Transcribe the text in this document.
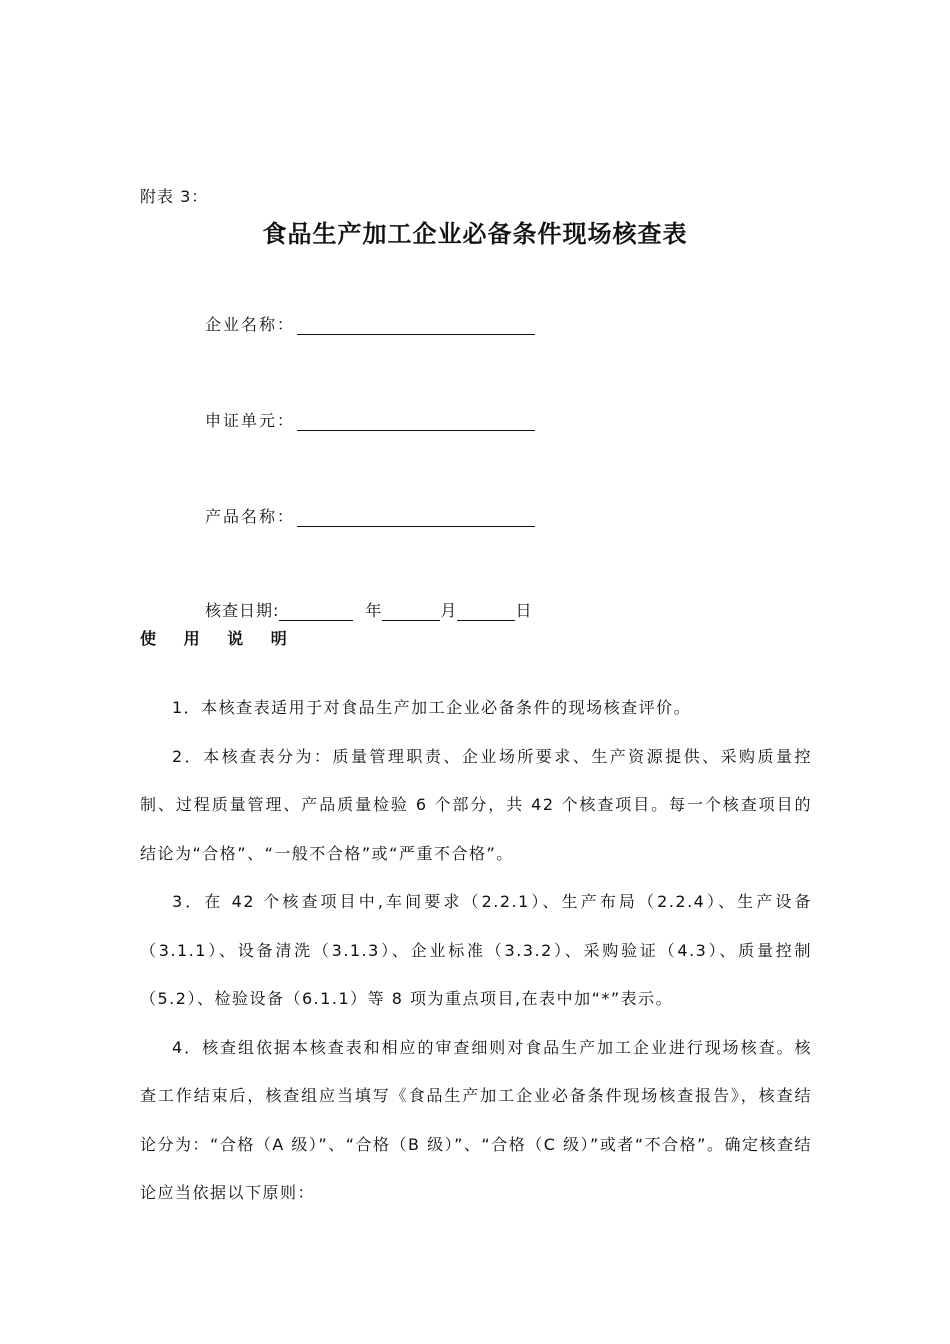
附表 3：
食品生产加工企业必备条件现场核查表
企业名称：
申证单元：
产品名称：
核查日期:	年	月	日
使 用 说 明

1．本核查表适用于对食品生产加工企业必备条件的现场核查评价。

2．本核查表分为：质量管理职责、企业场所要求、生产资源提供、采购质量控制、过程质量管理、产品质量检验 6 个部分，共 42 个核查项目。每一个核查项目的结论为“合格”、“一般不合格”或“严重不合格”。

3．在 42 个核查项目中,车间要求（2.2.1）、生产布局（2.2.4）、生产设备（3.1.1）、设备清洗（3.1.3）、企业标准（3.3.2）、采购验证（4.3）、质量控制（5.2）、检验设备（6.1.1）等 8 项为重点项目,在表中加“*”表示。

4．核查组依据本核查表和相应的审查细则对食品生产加工企业进行现场核查。核查工作结束后，核查组应当填写《食品生产加工企业必备条件现场核查报告》，核查结论分为：“合格（A 级）”、“合格（B 级）”、“合格（C 级）”或者“不合格”。确定核查结论应当依据以下原则：
